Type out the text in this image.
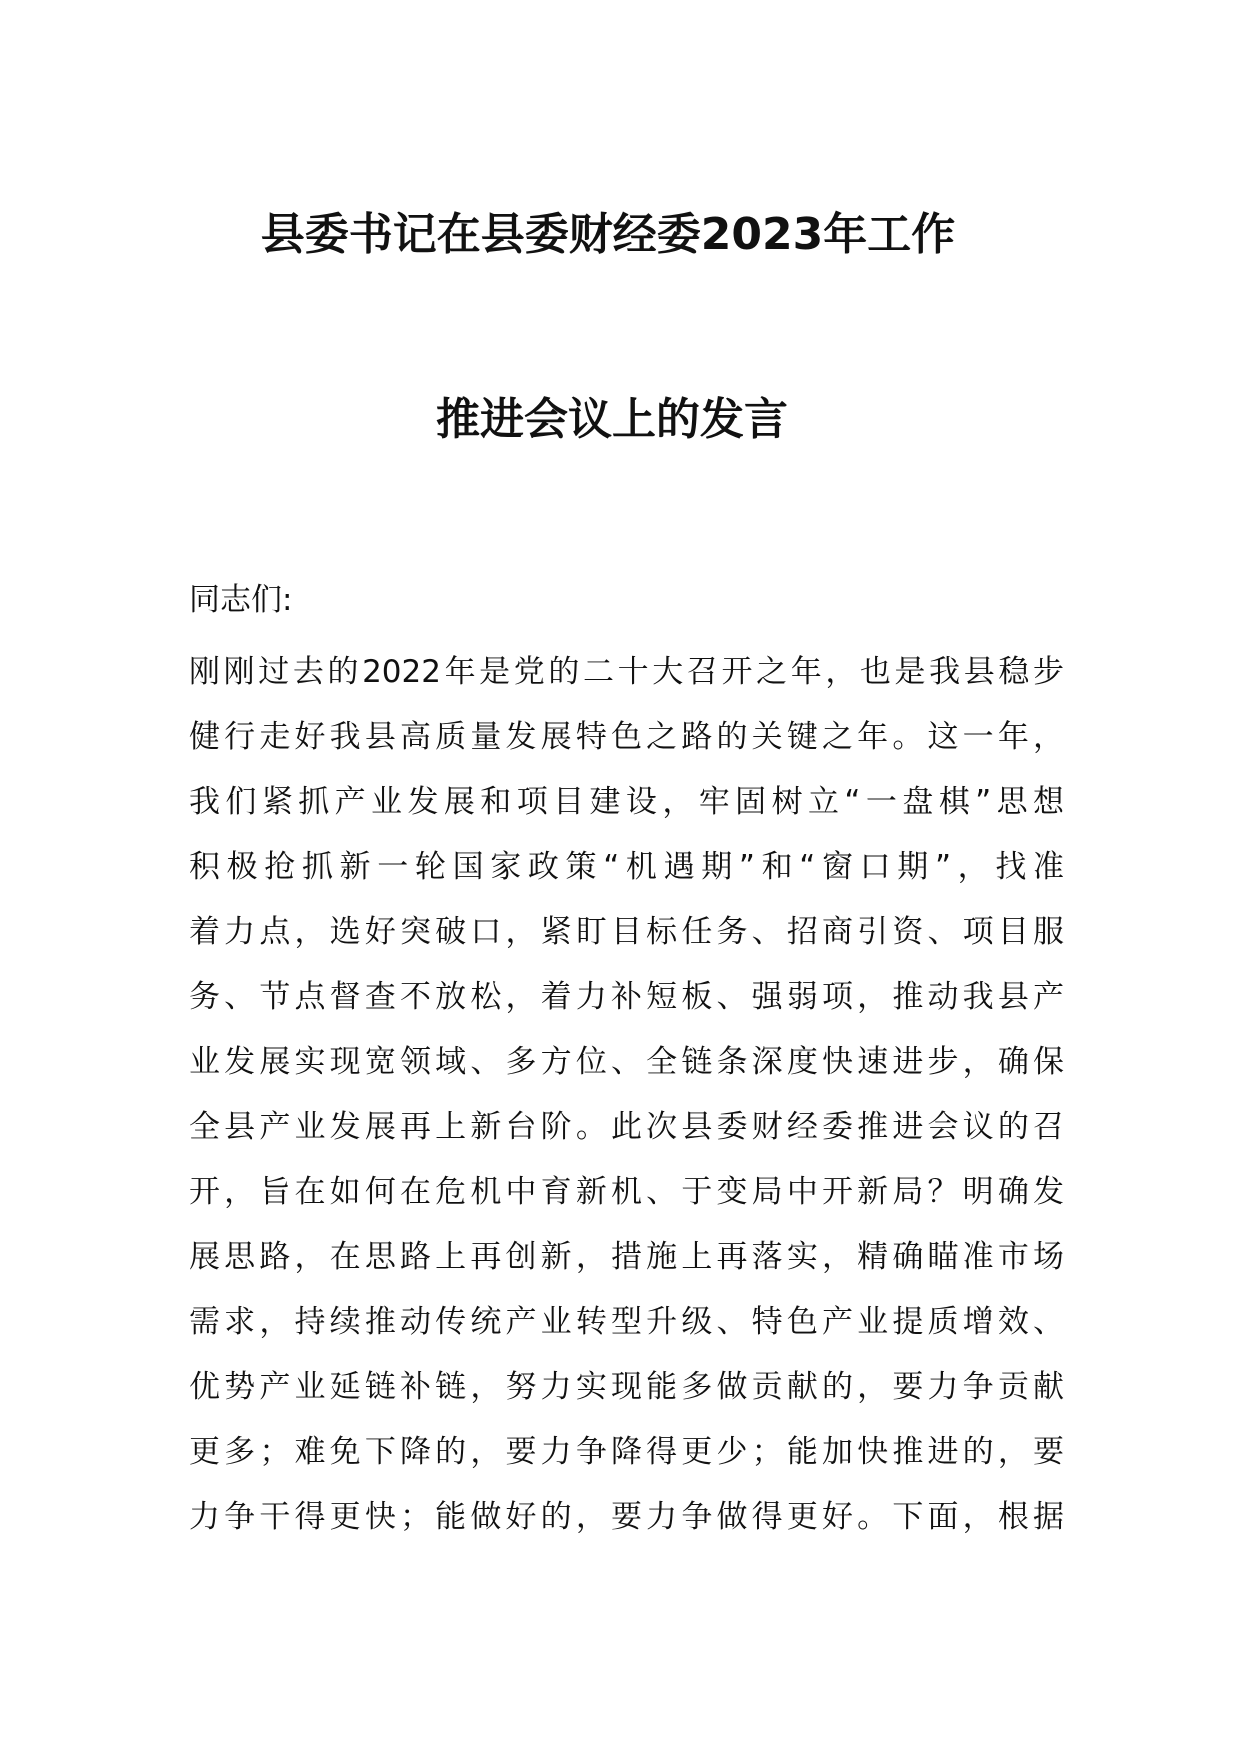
县委书记在县委财经委2023年工作
推进会议上的发言

同志们:

刚刚过去的2022年是党的二十大召开之年，也是我县稳步
健行走好我县高质量发展特色之路的关键之年。这一年，
我们紧抓产业发展和项目建设，牢固树立“一盘棋”思想
积极抢抓新一轮国家政策“机遇期”和“窗口期”，找准
着力点，选好突破口，紧盯目标任务、招商引资、项目服
务、节点督查不放松，着力补短板、强弱项，推动我县产
业发展实现宽领域、多方位、全链条深度快速进步，确保
全县产业发展再上新台阶。此次县委财经委推进会议的召
开，旨在如何在危机中育新机、于变局中开新局？明确发
展思路，在思路上再创新，措施上再落实，精确瞄准市场
需求，持续推动传统产业转型升级、特色产业提质增效、
优势产业延链补链，努力实现能多做贡献的，要力争贡献
更多；难免下降的，要力争降得更少；能加快推进的，要
力争干得更快；能做好的，要力争做得更好。下面，根据
